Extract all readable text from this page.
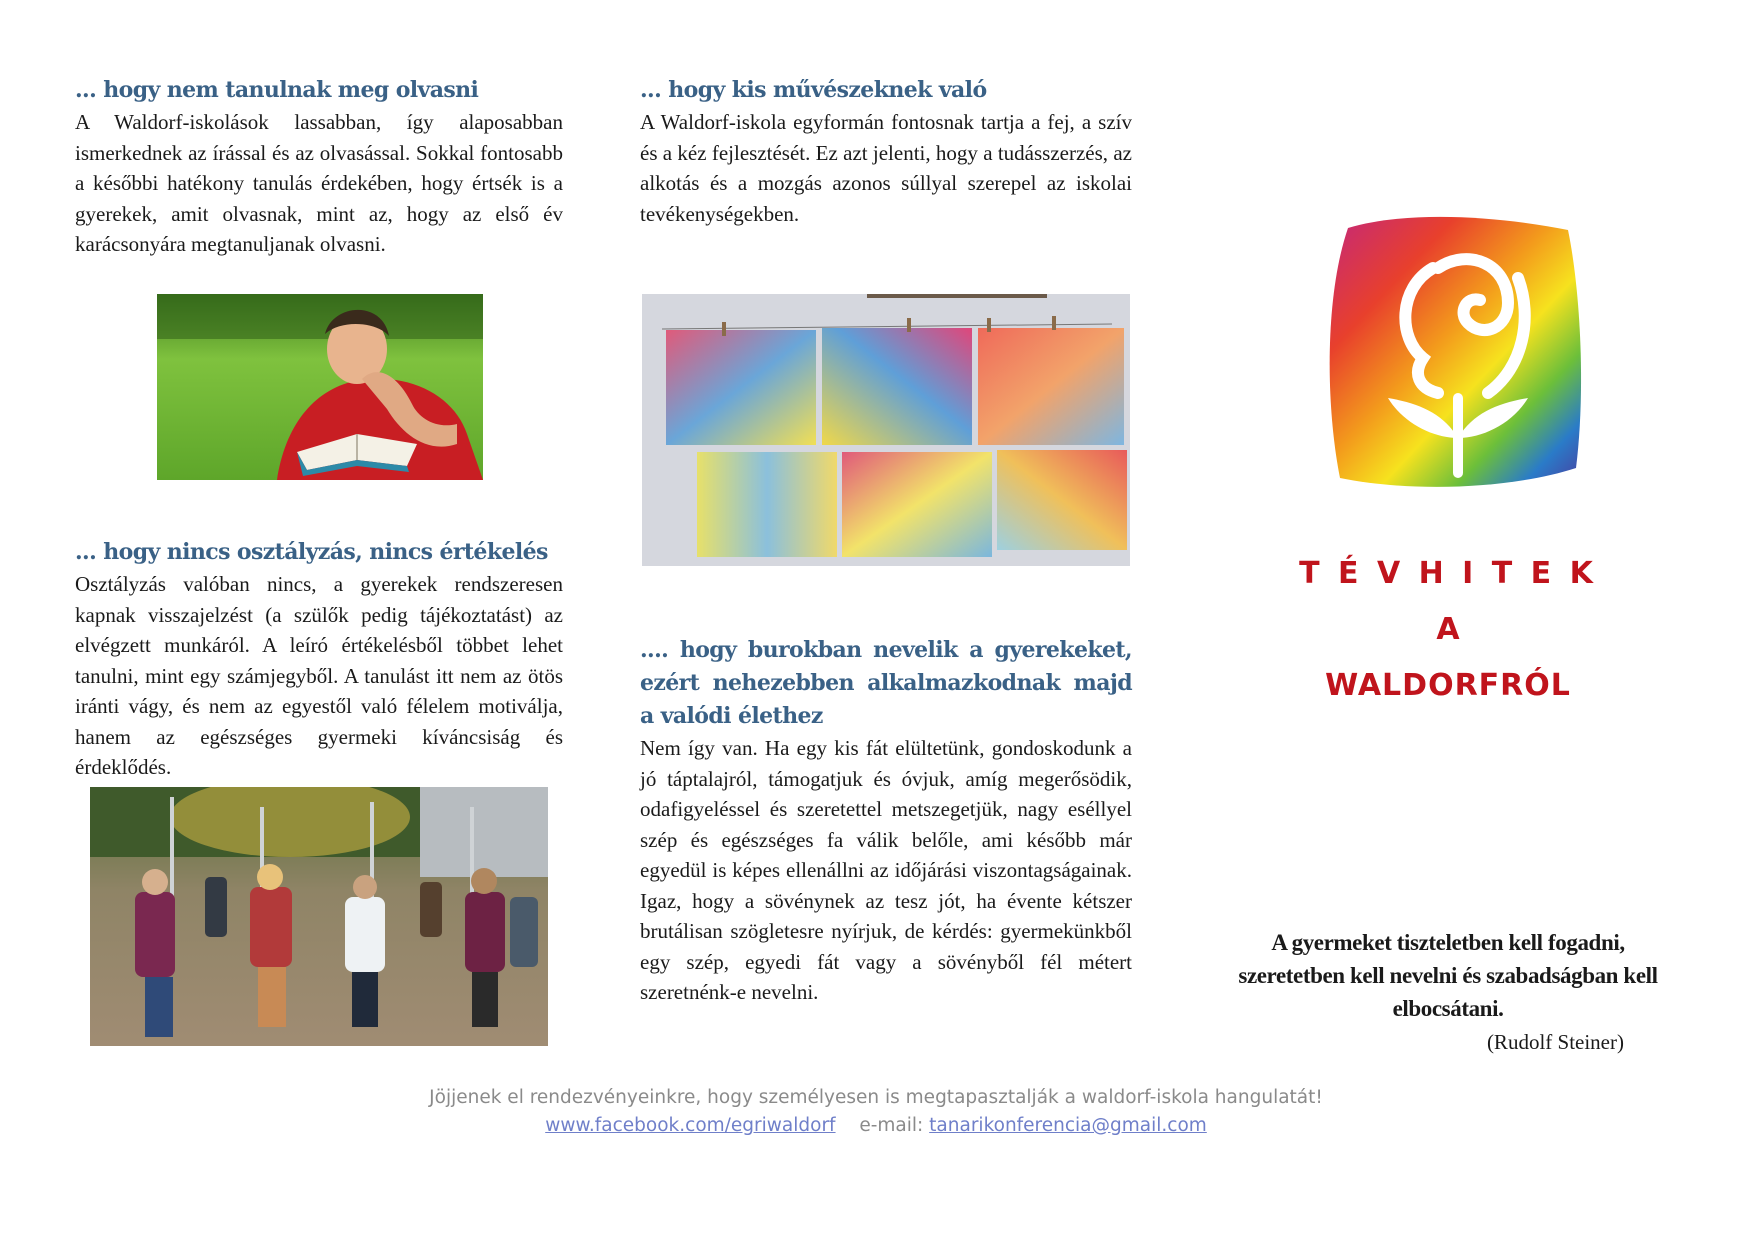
... hogy nem tanulnak meg olvasni

A Waldorf-iskolások lassabban, így alaposabban ismerkednek az írással és az olvasással. Sokkal fontosabb a későbbi hatékony tanulás érdekében, hogy értsék is a gyerekek, amit olvasnak, mint az, hogy az első év karácsonyára megtanuljanak olvasni.

... hogy nincs osztályzás, nincs értékelés

Osztályzás valóban nincs, a gyerekek rendszeresen kapnak visszajelzést (a szülők pedig tájékoztatást) az elvégzett munkáról. A leíró értékelésből többet lehet tanulni, mint egy számjegyből. A tanulást itt nem az ötös iránti vágy, és nem az egyestől való félelem motiválja, hanem az egészséges gyermeki kíváncsiság és érdeklődés.

... hogy kis művészeknek való

A Waldorf-iskola egyformán fontosnak tartja a fej, a szív és a kéz fejlesztését. Ez azt jelenti, hogy a tudásszerzés, az alkotás és a mozgás azonos súllyal szerepel az iskolai tevékenységekben.

.... hogy burokban nevelik a gyerekeket, ezért nehezebben alkalmazkodnak majd a valódi élethez

Nem így van. Ha egy kis fát elültetünk, gondoskodunk a jó táptalajról, támogatjuk és óvjuk, amíg megerősödik, odafigyeléssel és szeretettel metszegetjük, nagy eséllyel szép és egészséges fa válik belőle, ami később már egyedül is képes ellenállni az időjárási viszontagságainak. Igaz, hogy a sövénynek az tesz jót, ha évente kétszer brutálisan szögletesre nyírjuk, de kérdés: gyermekünkből egy szép, egyedi fát vagy a sövényből fél métert szeretnénk-e nevelni.

T É V H I T E K
A
WALDORFRÓL
A gyermeket tiszteletben kell fogadni, szeretetben kell nevelni és szabadságban kell elbocsátani.
(Rudolf Steiner)
Jöjjenek el rendezvényeinkre, hogy személyesen is megtapasztalják a waldorf-iskola hangulatát!
www.facebook.com/egriwaldorf e-mail: tanarikonferencia@gmail.com
